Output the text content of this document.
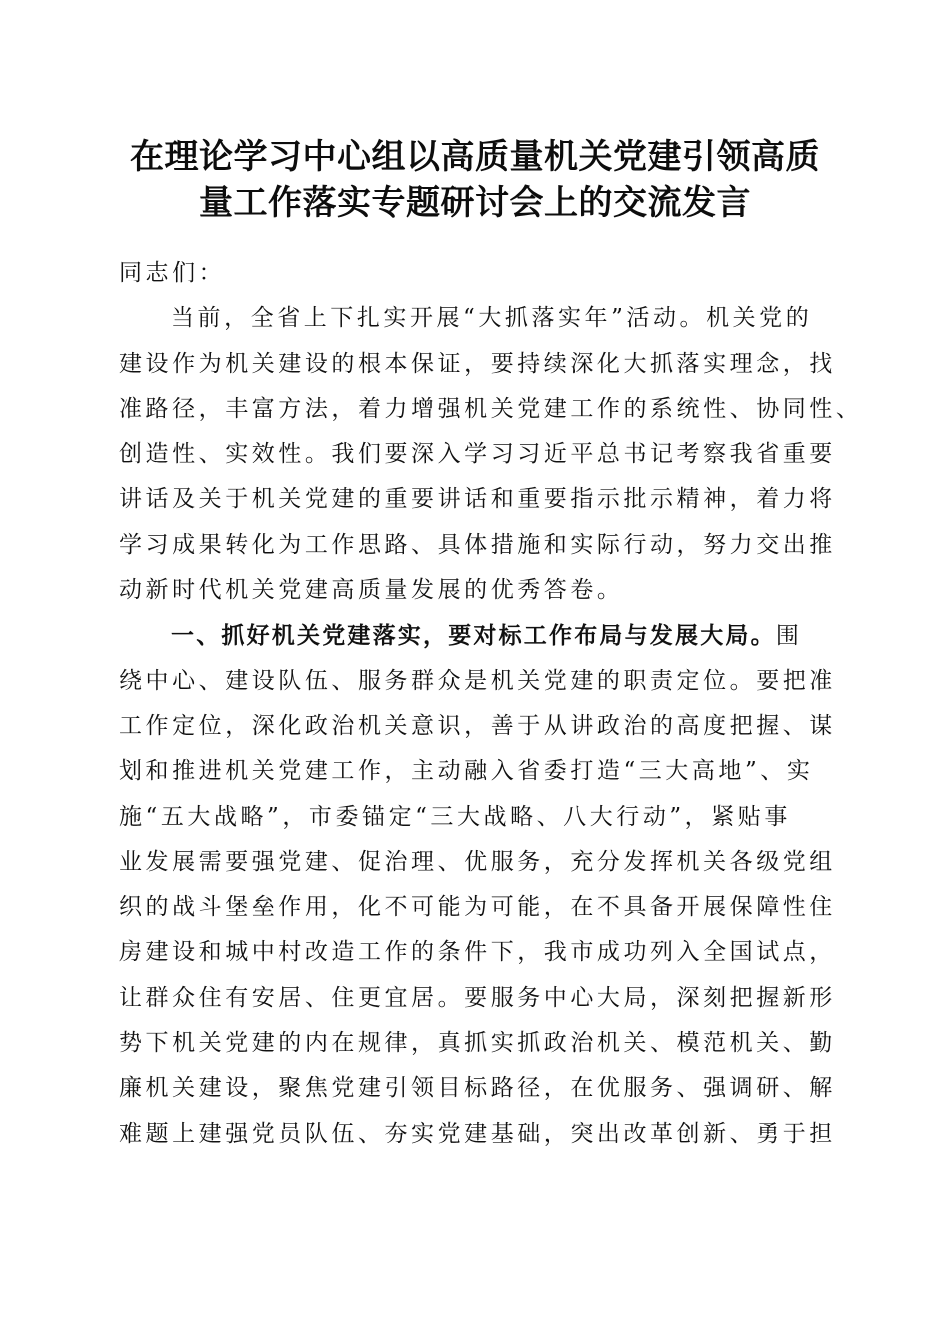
在理论学习中心组以高质量机关党建引领高质
量工作落实专题研讨会上的交流发言
同志们：
当前，全省上下扎实开展“大抓落实年”活动。机关党的
建设作为机关建设的根本保证，要持续深化大抓落实理念，找
准路径，丰富方法，着力增强机关党建工作的系统性、协同性、
创造性、实效性。我们要深入学习习近平总书记考察我省重要
讲话及关于机关党建的重要讲话和重要指示批示精神，着力将
学习成果转化为工作思路、具体措施和实际行动，努力交出推
动新时代机关党建高质量发展的优秀答卷。
一、抓好机关党建落实，要对标工作布局与发展大局。围
绕中心、建设队伍、服务群众是机关党建的职责定位。要把准
工作定位，深化政治机关意识，善于从讲政治的高度把握、谋
划和推进机关党建工作，主动融入省委打造“三大高地”、实
施“五大战略”，市委锚定“三大战略、八大行动”，紧贴事
业发展需要强党建、促治理、优服务，充分发挥机关各级党组
织的战斗堡垒作用，化不可能为可能，在不具备开展保障性住
房建设和城中村改造工作的条件下，我市成功列入全国试点，
让群众住有安居、住更宜居。要服务中心大局，深刻把握新形
势下机关党建的内在规律，真抓实抓政治机关、模范机关、勤
廉机关建设，聚焦党建引领目标路径，在优服务、强调研、解
难题上建强党员队伍、夯实党建基础，突出改革创新、勇于担
